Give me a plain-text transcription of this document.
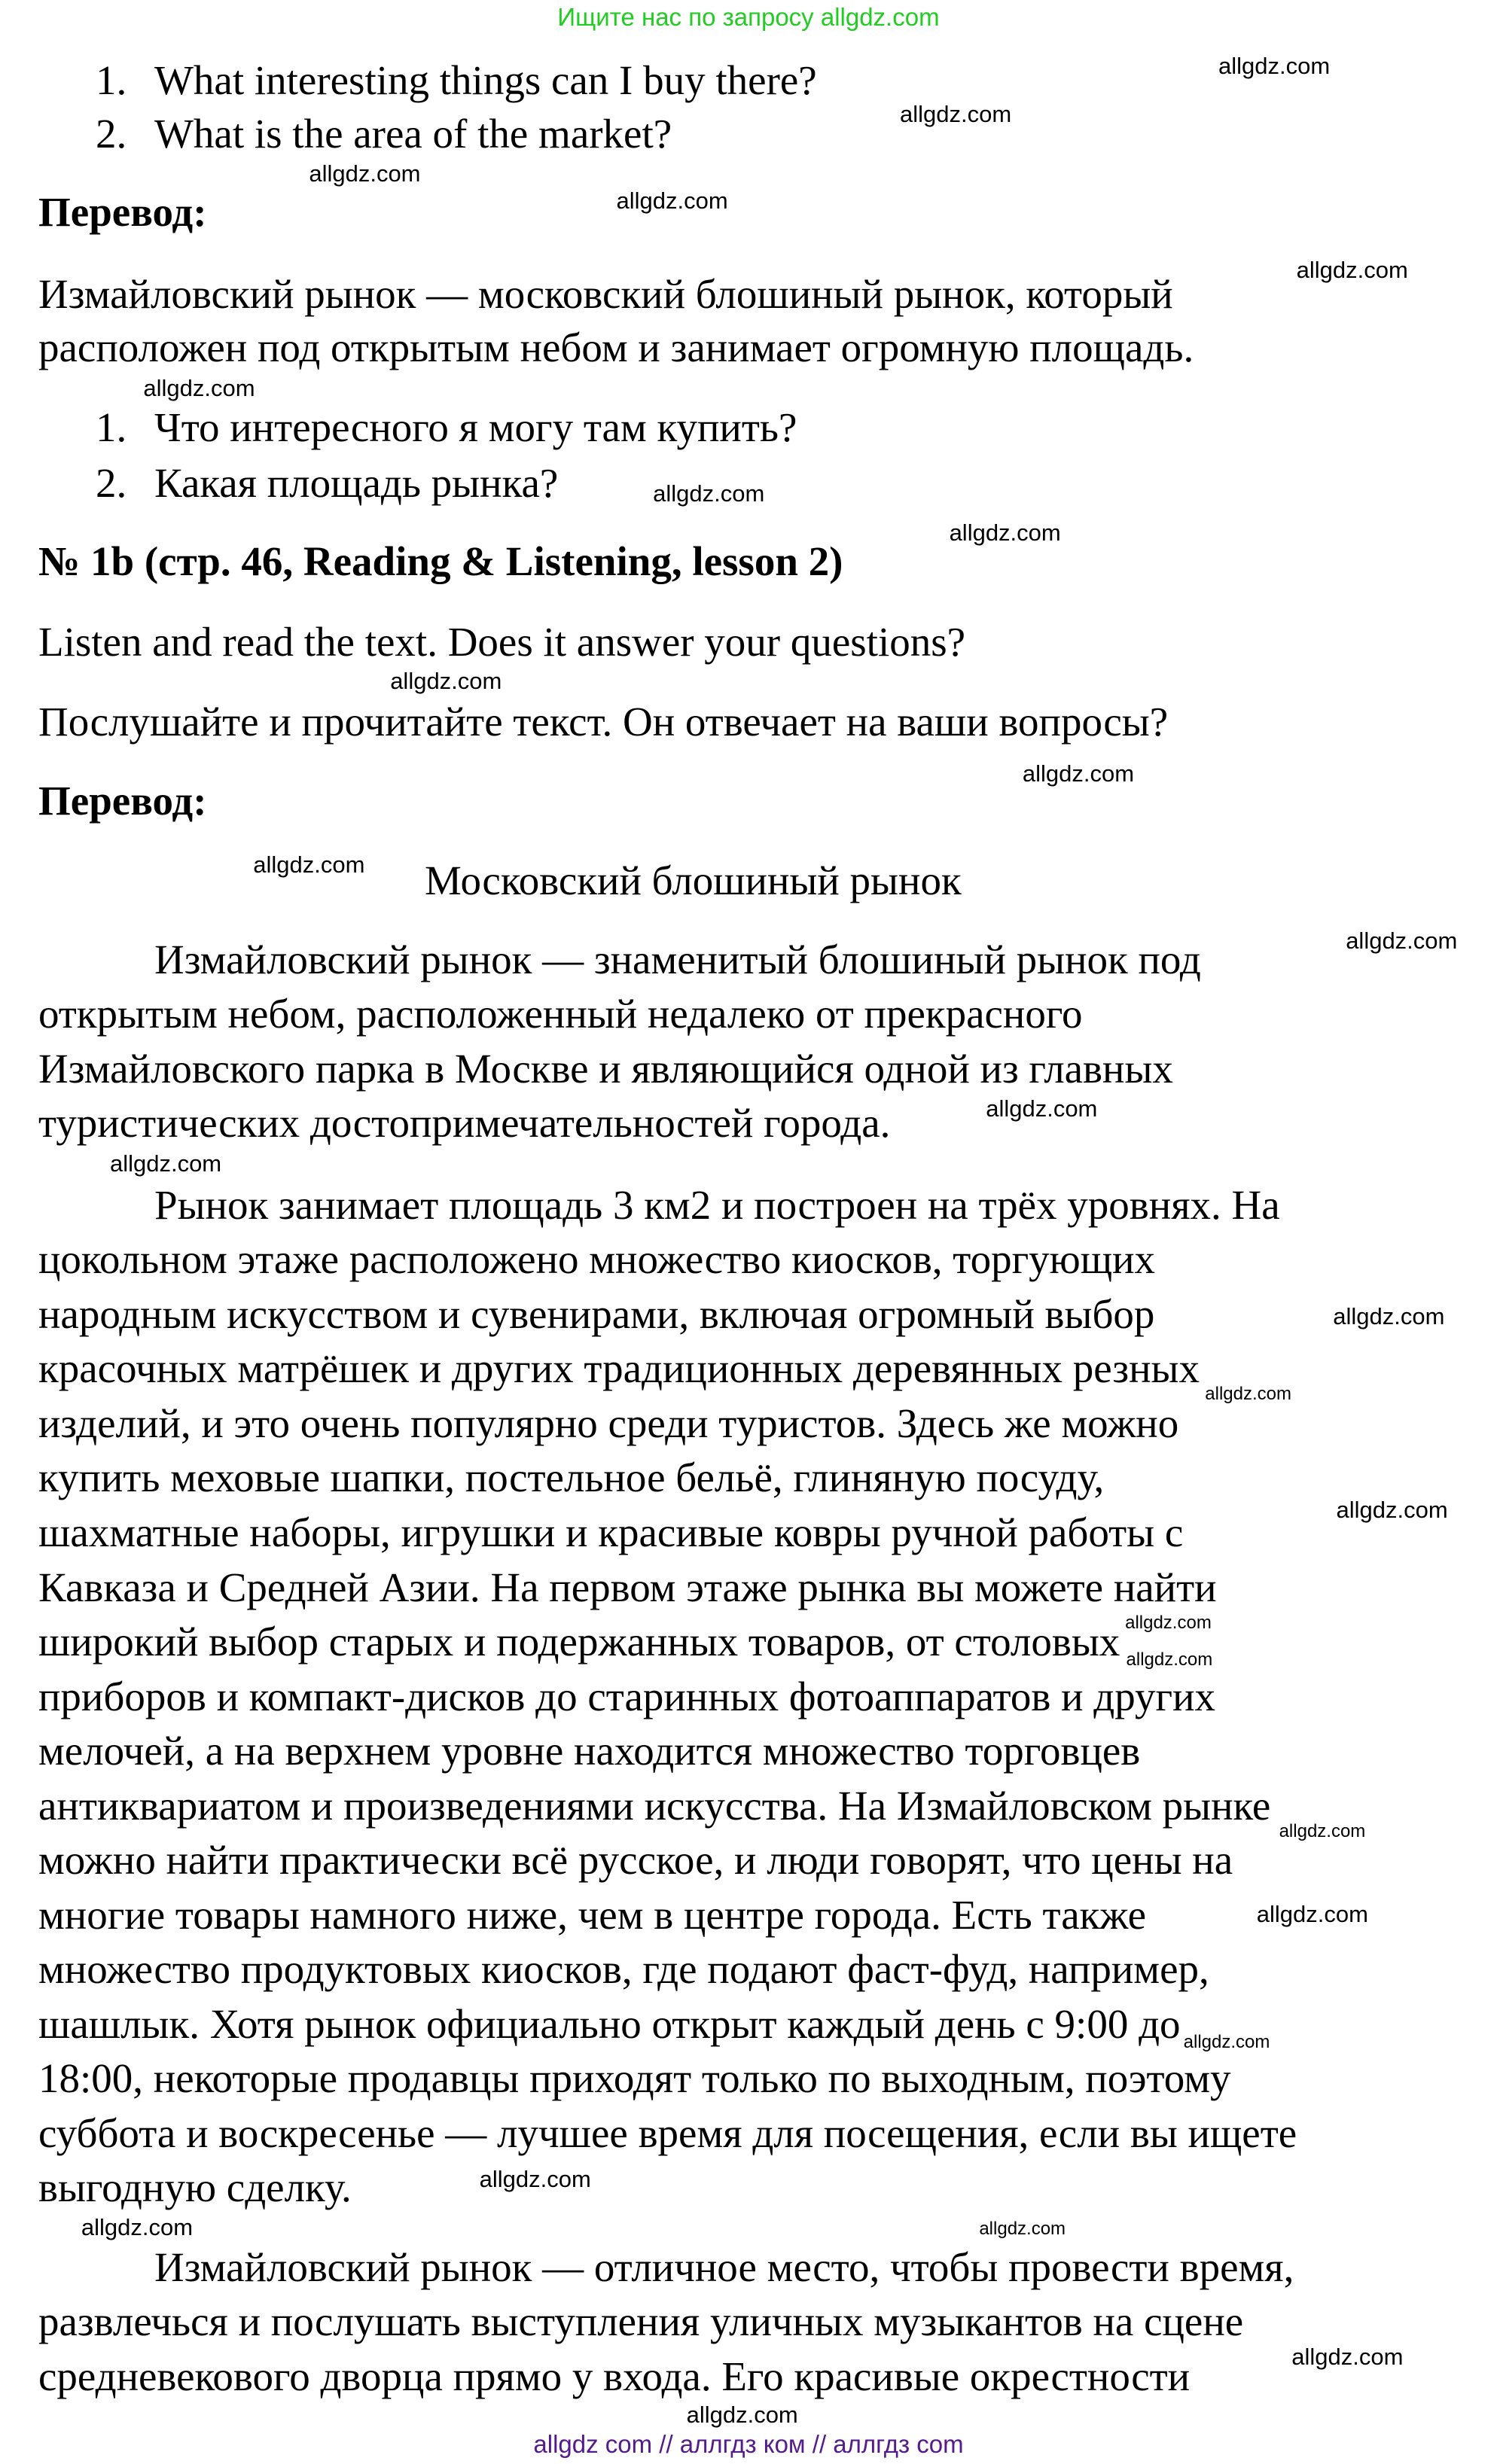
Ищите нас по запросу allgdz.com
1. What interesting things can I buy there?
2. What is the area of the market?
Перевод:
Измайловский рынок — московский блошиный рынок, который
расположен под открытым небом и занимает огромную площадь.
1. Что интересного я могу там купить?
2. Какая площадь рынка?
№ 1b (стр. 46, Reading & Listening, lesson 2)
Listen and read the text. Does it answer your questions?
Послушайте и прочитайте текст. Он отвечает на ваши вопросы?
Перевод:
Московский блошиный рынок
Измайловский рынок — знаменитый блошиный рынок под
открытым небом, расположенный недалеко от прекрасного
Измайловского парка в Москве и являющийся одной из главных
туристических достопримечательностей города.
Рынок занимает площадь 3 км2 и построен на трёх уровнях. На
цокольном этаже расположено множество киосков, торгующих
народным искусством и сувенирами, включая огромный выбор
красочных матрёшек и других традиционных деревянных резных
изделий, и это очень популярно среди туристов. Здесь же можно
купить меховые шапки, постельное бельё, глиняную посуду,
шахматные наборы, игрушки и красивые ковры ручной работы с
Кавказа и Средней Азии. На первом этаже рынка вы можете найти
широкий выбор старых и подержанных товаров, от столовых
приборов и компакт-дисков до старинных фотоаппаратов и других
мелочей, а на верхнем уровне находится множество торговцев
антиквариатом и произведениями искусства. На Измайловском рынке
можно найти практически всё русское, и люди говорят, что цены на
многие товары намного ниже, чем в центре города. Есть также
множество продуктовых киосков, где подают фаст-фуд, например,
шашлык. Хотя рынок официально открыт каждый день с 9:00 до
18:00, некоторые продавцы приходят только по выходным, поэтому
суббота и воскресенье — лучшее время для посещения, если вы ищете
выгодную сделку.
Измайловский рынок — отличное место, чтобы провести время,
развлечься и послушать выступления уличных музыкантов на сцене
средневекового дворца прямо у входа. Его красивые окрестности
allgdz.com
allgdz.com
allgdz.com
allgdz.com
allgdz.com
allgdz.com
allgdz.com
allgdz.com
allgdz.com
allgdz.com
allgdz.com
allgdz.com
allgdz.com
allgdz.com
allgdz.com
allgdz.com
allgdz.com
allgdz.com
allgdz.com
allgdz.com
allgdz.com
allgdz.com
allgdz.com
allgdz.com	allgdz.com
allgdz.com
allgdz.com
allgdz com // аллгдз ком // аллгдз com
